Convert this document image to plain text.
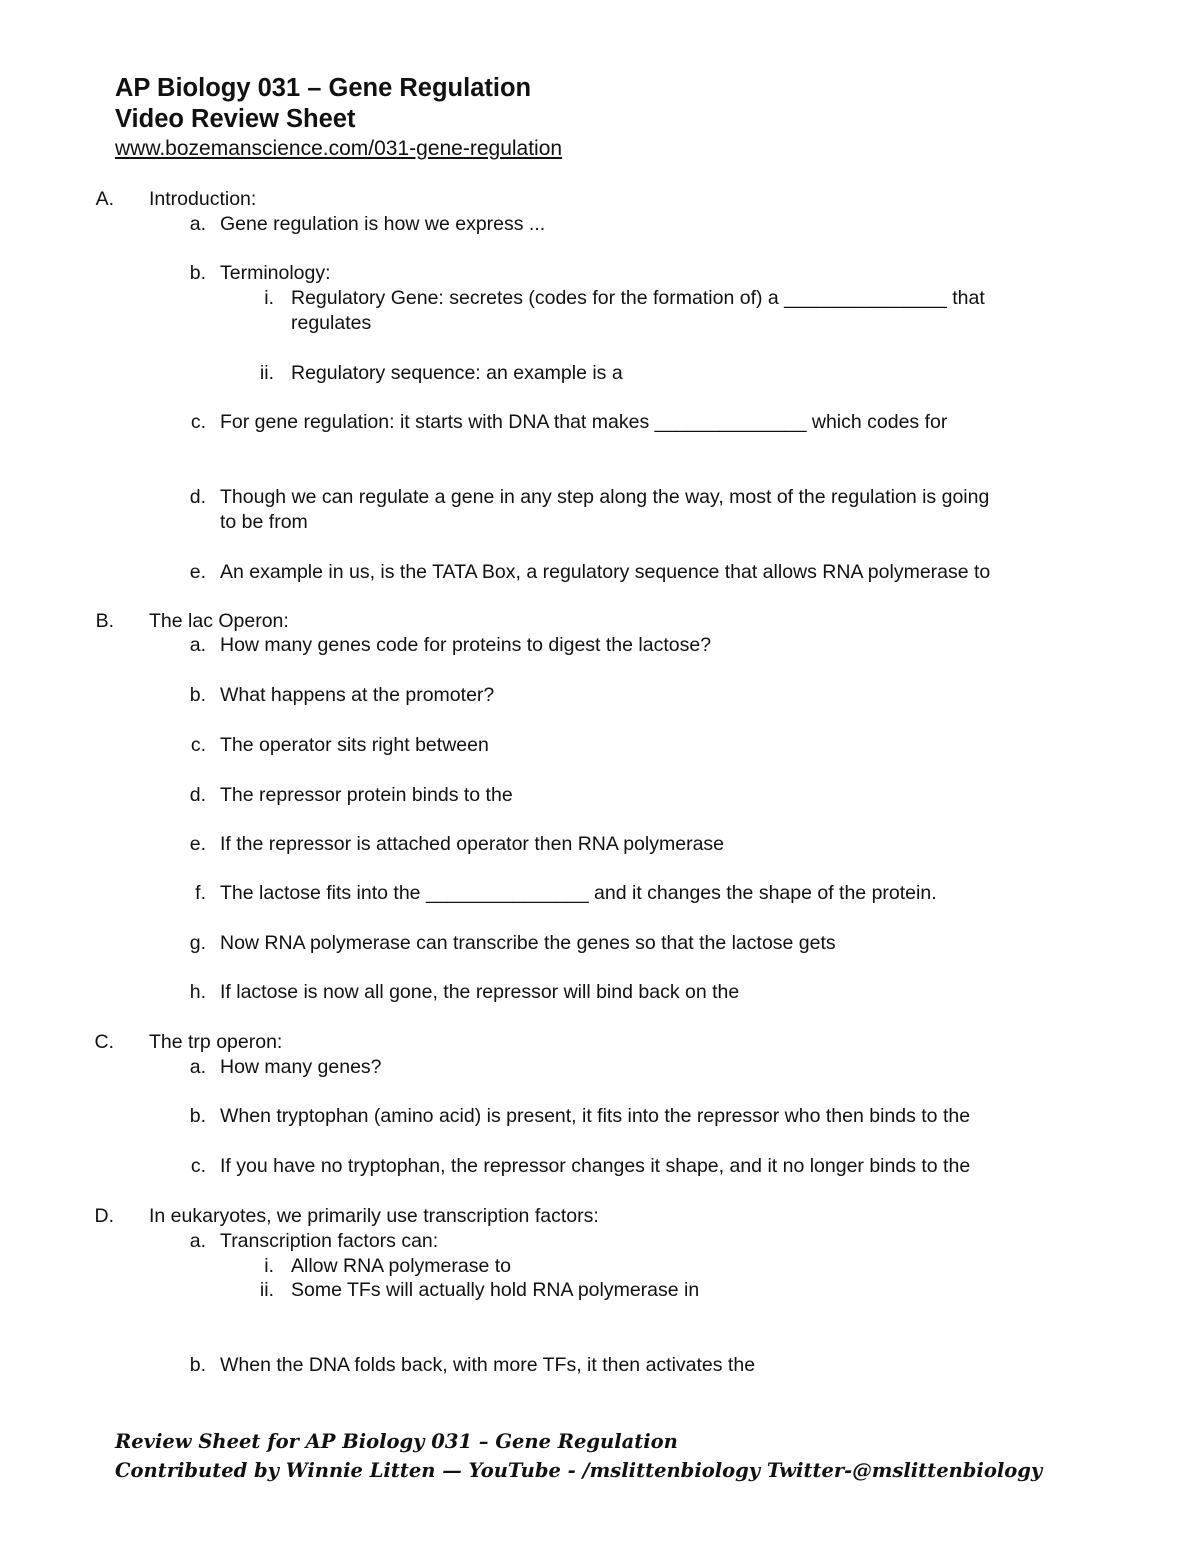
AP Biology 031 – Gene Regulation
Video Review Sheet
www.bozemanscience.com/031-gene-regulation
A. Introduction:
a. Gene regulation is how we express ...
b. Terminology:
i. Regulatory Gene: secretes (codes for the formation of) a _______________ that
regulates
ii. Regulatory sequence: an example is a
c. For gene regulation: it starts with DNA that makes ______________ which codes for
d. Though we can regulate a gene in any step along the way, most of the regulation is going
to be from
e. An example in us, is the TATA Box, a regulatory sequence that allows RNA polymerase to
B. The lac Operon:
a. How many genes code for proteins to digest the lactose?
b. What happens at the promoter?
c. The operator sits right between
d. The repressor protein binds to the
e. If the repressor is attached operator then RNA polymerase
f. The lactose fits into the _______________ and it changes the shape of the protein.
g. Now RNA polymerase can transcribe the genes so that the lactose gets
h. If lactose is now all gone, the repressor will bind back on the
C. The trp operon:
a. How many genes?
b. When tryptophan (amino acid) is present, it fits into the repressor who then binds to the
c. If you have no tryptophan, the repressor changes it shape, and it no longer binds to the
D. In eukaryotes, we primarily use transcription factors:
a. Transcription factors can:
i. Allow RNA polymerase to
ii. Some TFs will actually hold RNA polymerase in
b. When the DNA folds back, with more TFs, it then activates the
Review Sheet for AP Biology 031 – Gene Regulation
Contributed by Winnie Litten — YouTube - /mslittenbiology Twitter-@mslittenbiology
